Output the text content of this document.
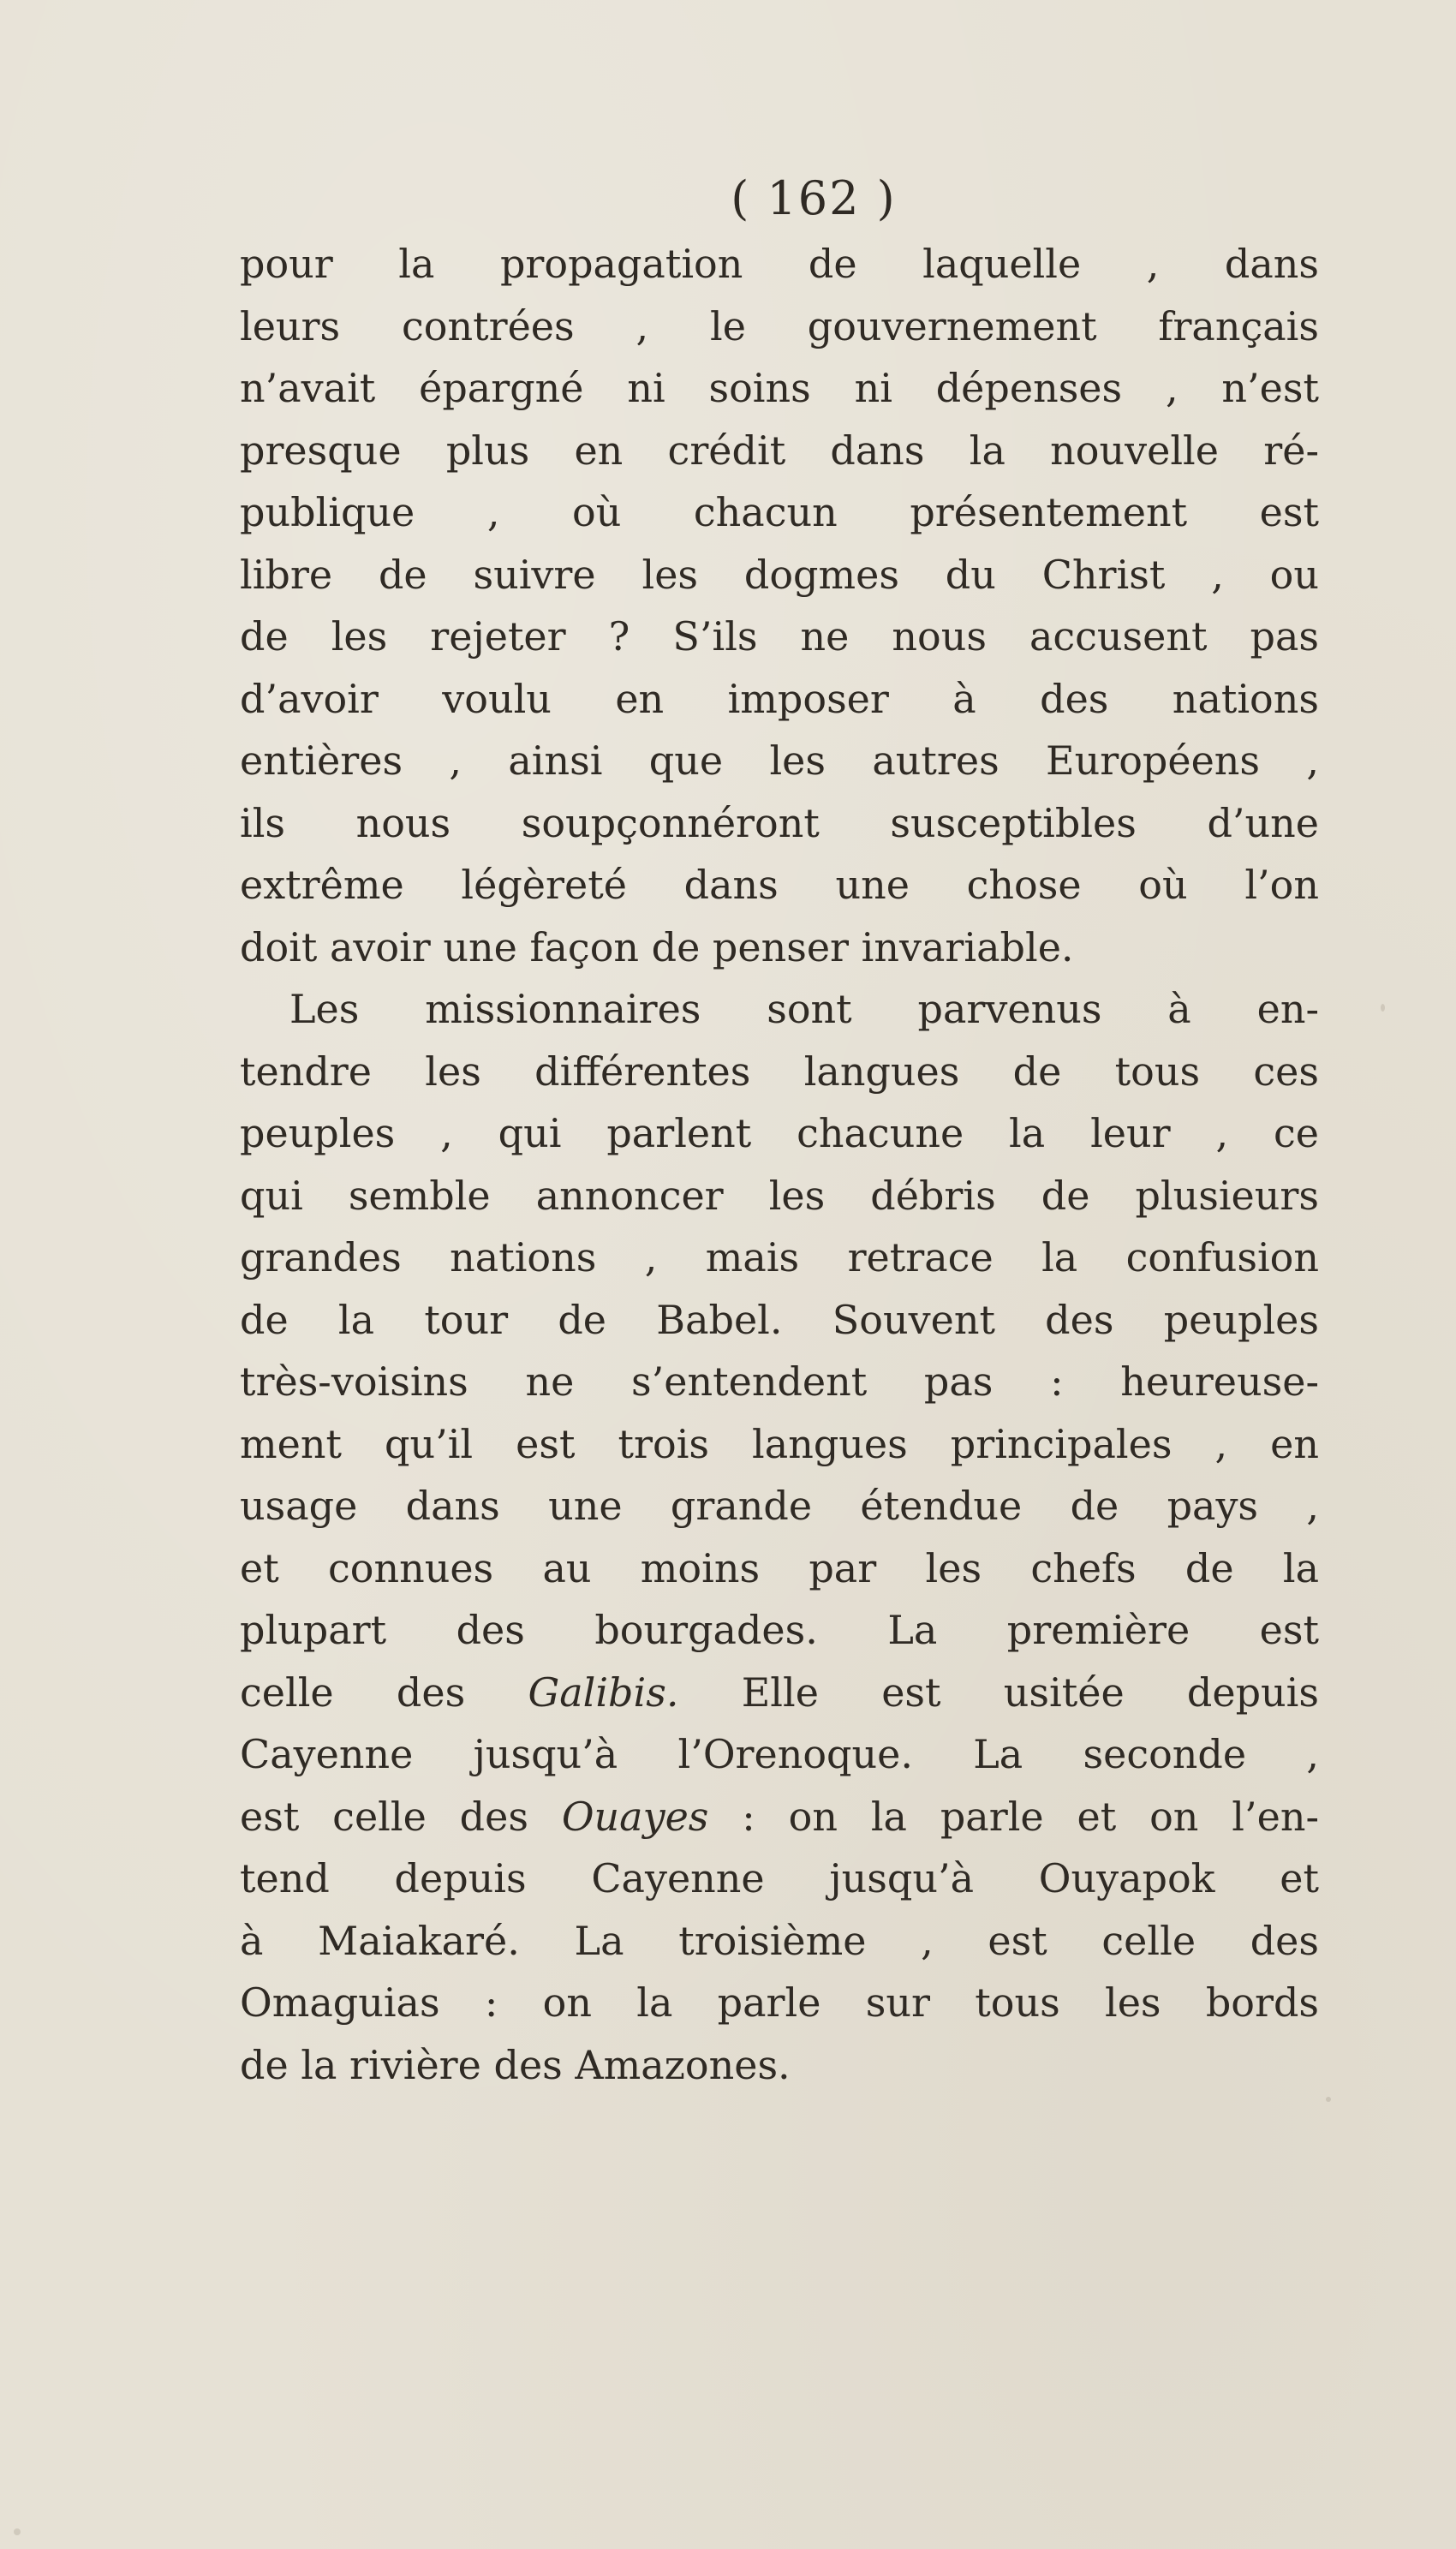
( 162 )
pour la propagation de laquelle , dans
leurs contrées , le gouvernement français
n’avait épargné ni soins ni dépenses , n’est
presque plus en crédit dans la nouvelle ré-
publique , où chacun présentement est
libre de suivre les dogmes du Christ , ou
de les rejeter ? S’ils ne nous accusent pas
d’avoir voulu en imposer à des nations
entières , ainsi que les autres Européens ,
ils nous soupçonnéront susceptibles d’une
extrême légèreté dans une chose où l’on
doit avoir une façon de penser invariable.
Les missionnaires sont parvenus à en-
tendre les différentes langues de tous ces
peuples , qui parlent chacune la leur , ce
qui semble annoncer les débris de plusieurs
grandes nations , mais retrace la confusion
de la tour de Babel. Souvent des peuples
très-voisins ne s’entendent pas : heureuse-
ment qu’il est trois langues principales , en
usage dans une grande étendue de pays ,
et connues au moins par les chefs de la
plupart des bourgades. La première est
celle des Galibis. Elle est usitée depuis
Cayenne jusqu’à l’Orenoque. La seconde ,
est celle des Ouayes : on la parle et on l’en-
tend depuis Cayenne jusqu’à Ouyapok et
à Maiakaré. La troisième , est celle des
Omaguias : on la parle sur tous les bords
de la rivière des Amazones.
